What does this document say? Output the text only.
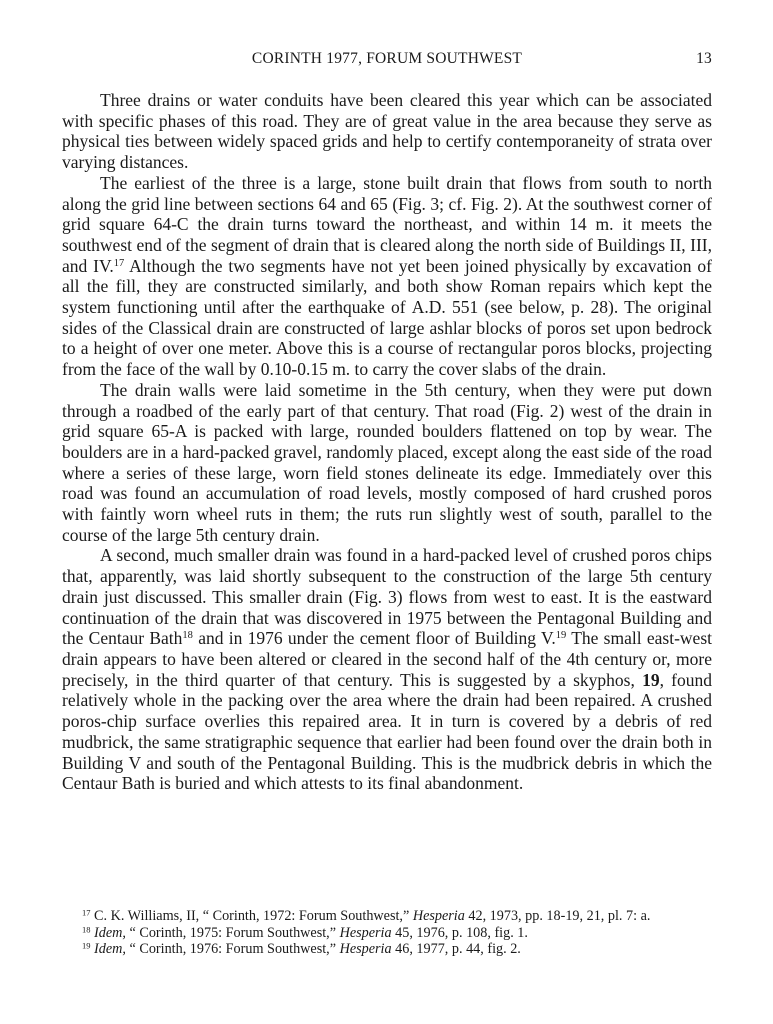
CORINTH 1977, FORUM SOUTHWEST	13

Three drains or water conduits have been cleared this year which can be associated with specific phases of this road. They are of great value in the area because they serve as physical ties between widely spaced grids and help to certify contemporaneity of strata over varying distances.

The earliest of the three is a large, stone built drain that flows from south to north along the grid line between sections 64 and 65 (Fig. 3; cf. Fig. 2). At the southwest corner of grid square 64-C the drain turns toward the northeast, and within 14 m. it meets the southwest end of the segment of drain that is cleared along the north side of Buildings II, III, and IV.$^{17}$ Although the two segments have not yet been joined physically by excavation of all the fill, they are constructed similarly, and both show Roman repairs which kept the system functioning until after the earthquake of A.D. 551 (see below, p. 28). The original sides of the Classical drain are constructed of large ashlar blocks of poros set upon bedrock to a height of over one meter. Above this is a course of rectangular poros blocks, projecting from the face of the wall by 0.10-0.15 m. to carry the cover slabs of the drain.

The drain walls were laid sometime in the 5th century, when they were put down through a roadbed of the early part of that century. That road (Fig. 2) west of the drain in grid square 65-A is packed with large, rounded boulders flattened on top by wear. The boulders are in a hard-packed gravel, randomly placed, except along the east side of the road where a series of these large, worn field stones delineate its edge. Immediately over this road was found an accumulation of road levels, mostly composed of hard crushed poros with faintly worn wheel ruts in them; the ruts run slightly west of south, parallel to the course of the large 5th century drain.

A second, much smaller drain was found in a hard-packed level of crushed poros chips that, apparently, was laid shortly subsequent to the construction of the large 5th century drain just discussed. This smaller drain (Fig. 3) flows from west to east. It is the eastward continuation of the drain that was discovered in 1975 between the Pentagonal Building and the Centaur Bath$^{18}$ and in 1976 under the cement floor of Building V.$^{19}$ The small east-west drain appears to have been altered or cleared in the second half of the 4th century or, more precisely, in the third quarter of that century. This is suggested by a skyphos, 19, found relatively whole in the packing over the area where the drain had been repaired. A crushed poros-chip surface overlies this repaired area. It in turn is covered by a debris of red mudbrick, the same stratigraphic sequence that earlier had been found over the drain both in Building V and south of the Pentagonal Building. This is the mudbrick debris in which the Centaur Bath is buried and which attests to its final abandonment.

$^{17}$ C. K. Williams, II, “ Corinth, 1972: Forum Southwest,” Hesperia 42, 1973, pp. 18-19, 21, pl. 7: a.

$^{18}$ Idem, “ Corinth, 1975: Forum Southwest,” Hesperia 45, 1976, p. 108, fig. 1.

$^{19}$ Idem, “ Corinth, 1976: Forum Southwest,” Hesperia 46, 1977, p. 44, fig. 2.
